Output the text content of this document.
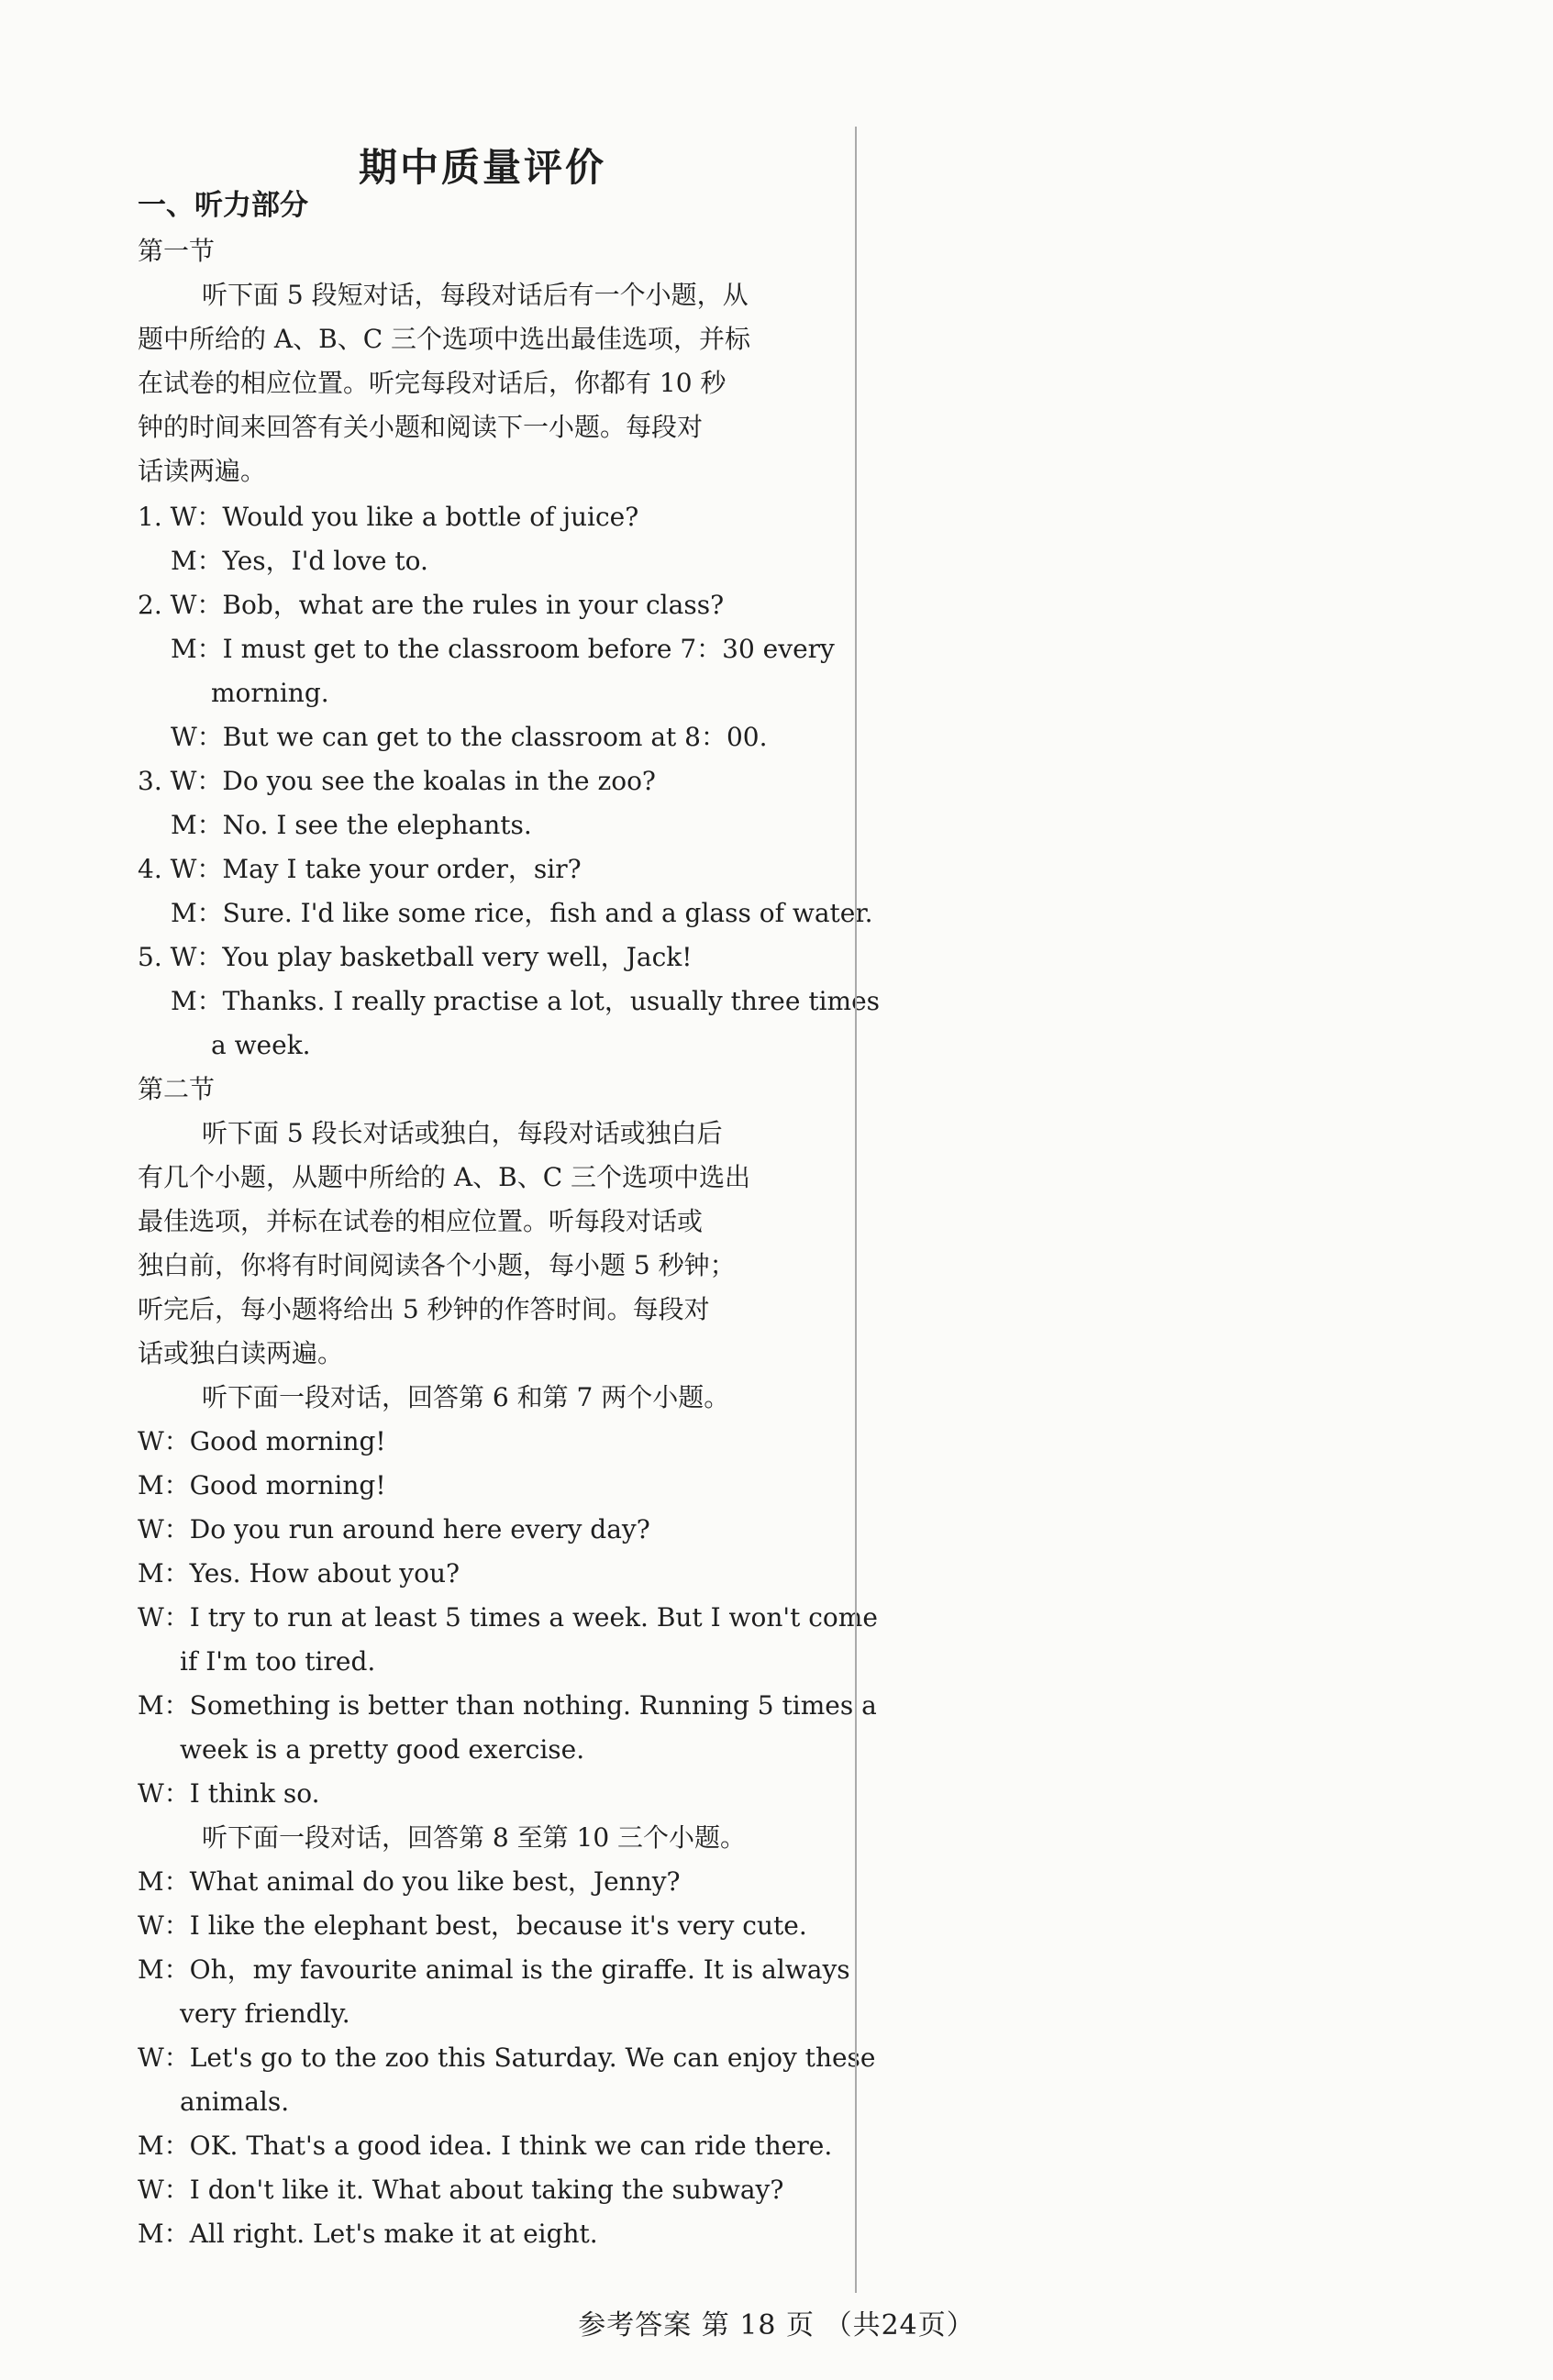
期中质量评价
一、听力部分
第一节
听下面 5 段短对话，每段对话后有一个小题，从
题中所给的 A、B、C 三个选项中选出最佳选项，并标
在试卷的相应位置。听完每段对话后，你都有 10 秒
钟的时间来回答有关小题和阅读下一小题。每段对
话读两遍。
1. W：Would you like a bottle of juice?
M：Yes，I'd love to.
2. W：Bob，what are the rules in your class?
M：I must get to the classroom before 7：30 every
morning.
W：But we can get to the classroom at 8：00.
3. W：Do you see the koalas in the zoo?
M：No. I see the elephants.
4. W：May I take your order，sir?
M：Sure. I'd like some rice，fish and a glass of water.
5. W：You play basketball very well，Jack!
M：Thanks. I really practise a lot，usually three times
a week.
第二节
听下面 5 段长对话或独白，每段对话或独白后
有几个小题，从题中所给的 A、B、C 三个选项中选出
最佳选项，并标在试卷的相应位置。听每段对话或
独白前，你将有时间阅读各个小题，每小题 5 秒钟；
听完后，每小题将给出 5 秒钟的作答时间。每段对
话或独白读两遍。
听下面一段对话，回答第 6 和第 7 两个小题。
W：Good morning!
M：Good morning!
W：Do you run around here every day?
M：Yes. How about you?
W：I try to run at least 5 times a week. But I won't come
if I'm too tired.
M：Something is better than nothing. Running 5 times a
week is a pretty good exercise.
W：I think so.
听下面一段对话，回答第 8 至第 10 三个小题。
M：What animal do you like best，Jenny?
W：I like the elephant best，because it's very cute.
M：Oh，my favourite animal is the giraffe. It is always
very friendly.
W：Let's go to the zoo this Saturday. We can enjoy these
animals.
M：OK. That's a good idea. I think we can ride there.
W：I don't like it. What about taking the subway?
M：All right. Let's make it at eight.
参考答案 第 18 页 （共24页）
